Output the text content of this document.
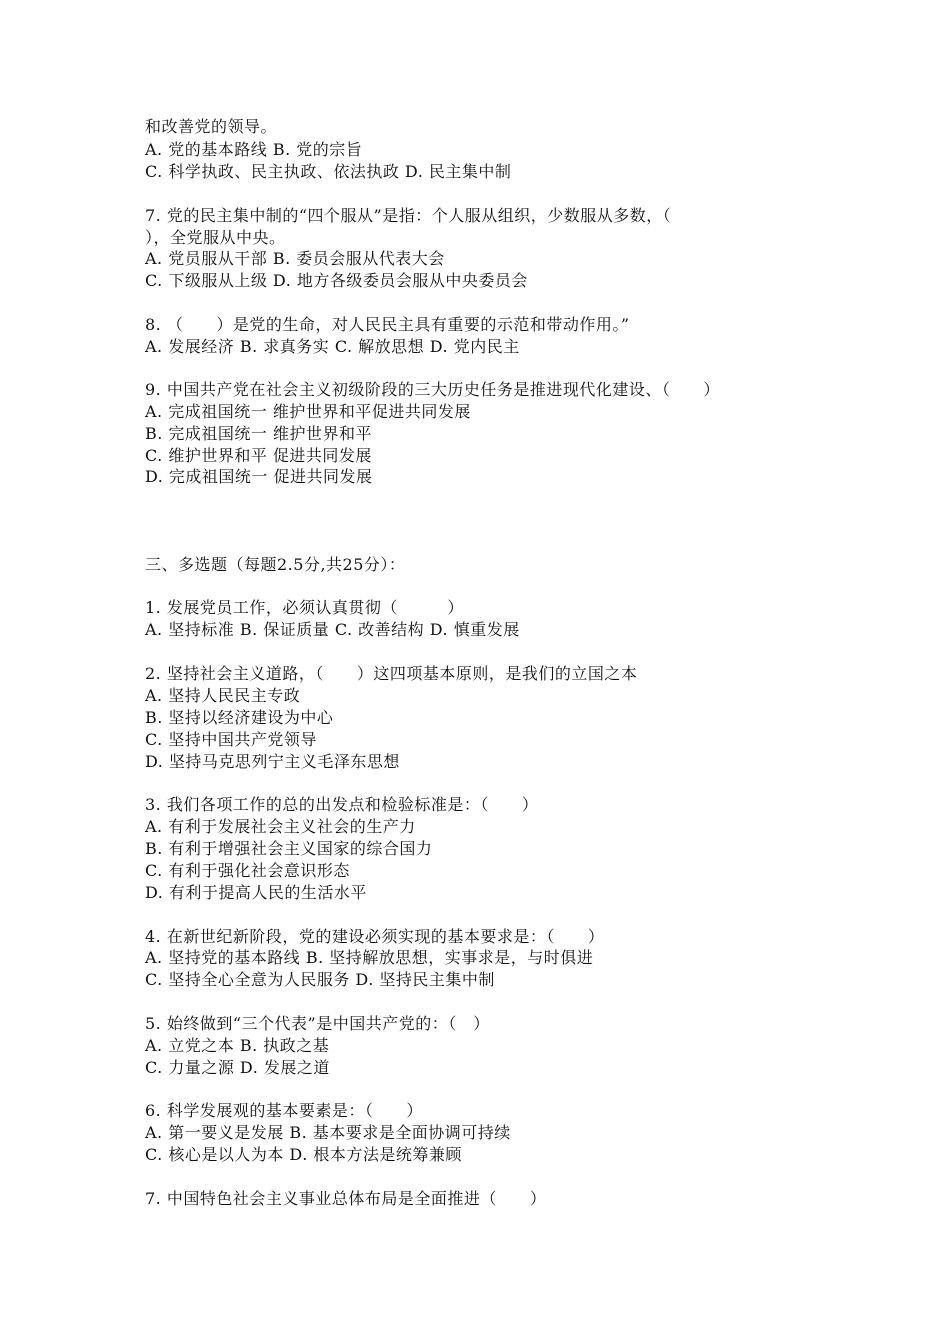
和改善党的领导。
A. 党的基本路线 B. 党的宗旨
C. 科学执政、民主执政、依法执政 D. 民主集中制
7. 党的民主集中制的“四个服从”是指：个人服从组织，少数服从多数，（
），全党服从中央。
A. 党员服从干部 B. 委员会服从代表大会
C. 下级服从上级 D. 地方各级委员会服从中央委员会
8. （　　）是党的生命，对人民民主具有重要的示范和带动作用。”
A. 发展经济 B. 求真务实 C. 解放思想 D. 党内民主
9. 中国共产党在社会主义初级阶段的三大历史任务是推进现代化建设、（　　）
A. 完成祖国统一 维护世界和平促进共同发展
B. 完成祖国统一 维护世界和平
C. 维护世界和平 促进共同发展
D. 完成祖国统一 促进共同发展
三、多选题（每题2.5分,共25分）：
1. 发展党员工作，必须认真贯彻（　　　）
A. 坚持标准 B. 保证质量 C. 改善结构 D. 慎重发展
2. 坚持社会主义道路，（　　）这四项基本原则，是我们的立国之本
A. 坚持人民民主专政
B. 坚持以经济建设为中心
C. 坚持中国共产党领导
D. 坚持马克思列宁主义毛泽东思想
3. 我们各项工作的总的出发点和检验标准是：（　　）
A. 有利于发展社会主义社会的生产力
B. 有利于增强社会主义国家的综合国力
C. 有利于强化社会意识形态
D. 有利于提高人民的生活水平
4. 在新世纪新阶段，党的建设必须实现的基本要求是：（　　）
A. 坚持党的基本路线 B. 坚持解放思想，实事求是，与时俱进
C. 坚持全心全意为人民服务 D. 坚持民主集中制
5. 始终做到“三个代表”是中国共产党的：（　）
A. 立党之本 B. 执政之基
C. 力量之源 D. 发展之道
6. 科学发展观的基本要素是：（　　）
A. 第一要义是发展 B. 基本要求是全面协调可持续
C. 核心是以人为本 D. 根本方法是统筹兼顾
7. 中国特色社会主义事业总体布局是全面推进（　　）
